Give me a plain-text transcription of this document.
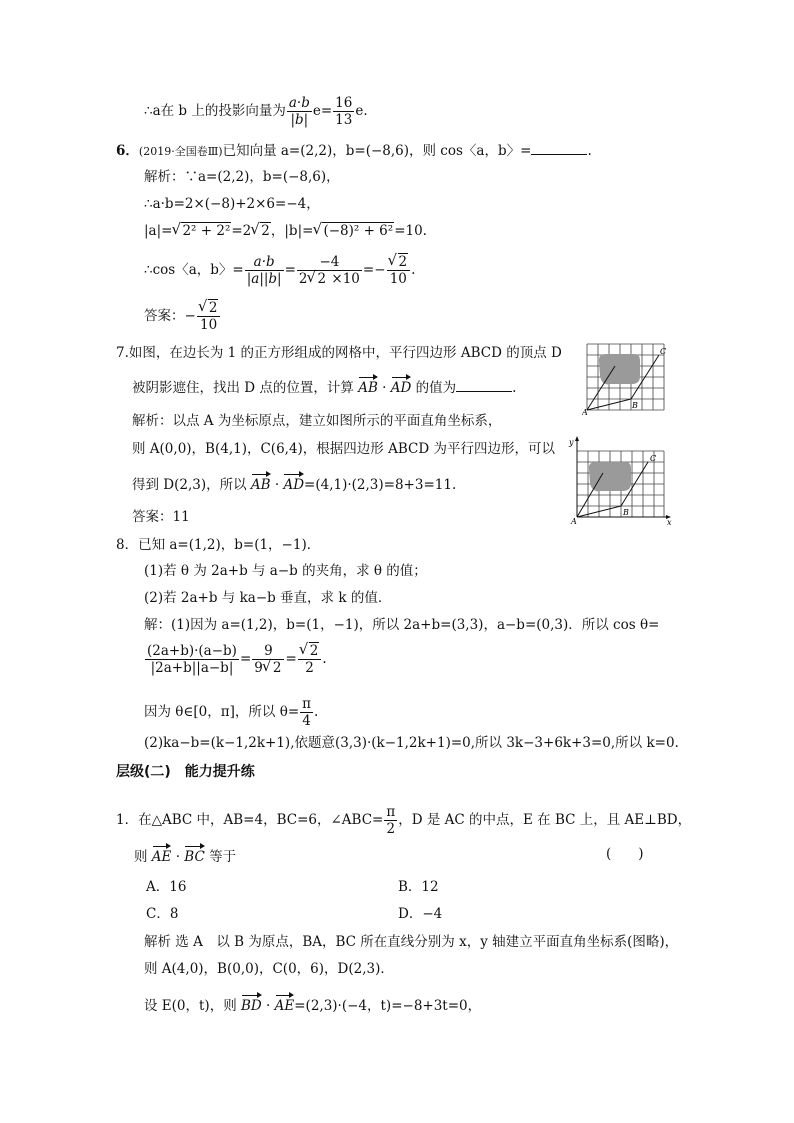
∴a在 b 上的投影向量为 $\frac{a\cdot b}{|b|} e= \frac{16}{13} e$.
6．(2019·全国卷Ⅲ)已知向量 a=(2,2)，b=(−8,6)，则 cos〈a，b〉=	.
解析：∵a=(2,2)，b=(−8,6)，
∴a·b=2×(−8)+2×6=−4，
|a|= √ 2² + 2²=2 √ 2，|b|= √ (−8)² + 6²=10.
∴cos〈a，b〉= $\frac{a\cdot b}{|a||b|} = \frac{-4}{2 √ 2 \times 10}$ =− √ $\frac{2}{10}$ .
答案：− √ $\frac{2}{10}$
7.如图，在边长为 1 的正方形组成的网格中，平行四边形 ABCD 的顶点 D
被阴影遮住，找出 D 点的位置，计算 AB · AD 的值为	.
解析：以点 A 为坐标原点，建立如图所示的平面直角坐标系，
则 A(0,0)，B(4,1)，C(6,4)，根据四边形 ABCD 为平行四边形，可以
得到 D(2,3)，所以 AB · AD=(4,1)·(2,3)=8+3=11.
答案：11
A
B
C
y
x
A
B
C
8．已知 a=(1,2)，b=(1，−1)．
(1)若 θ 为 2a+b 与 a−b 的夹角，求 θ 的值；
(2)若 2a+b 与 ka−b 垂直，求 k 的值．
解：(1)因为 a=(1,2)，b=(1，−1)，所以 2a+b=(3,3)，a−b=(0,3)．所以 cos θ=
$\frac{(2a+b)\cdot(a-b)}{|2a+b||a-b|} = \frac{9}{9 √ 2}$ = √ $\frac{2}{2}$ .
因为 θ∈[0，π]，所以 $\theta= \frac{\pi}{4}$ .
(2)ka−b=(k−1,2k+1),依题意(3,3)·(k−1,2k+1)=0,所以 3k−3+6k+3=0,所以 k=0.
层级(二)　能力提升练
1．在△ABC 中，AB=4，BC=6，∠ABC= $\frac{\pi}{2}$ ，D 是 AC 的中点，E 在 BC 上，且 AE⊥BD，
则 AE · BC 等于	(　　)
A．16	B．12
C．8	D．−4
解析 选 A　以 B 为原点，BA，BC 所在直线分别为 x，y 轴建立平面直角坐标系(图略)，
则 A(4,0)，B(0,0)，C(0，6)，D(2,3)．
设 E(0，t)，则 BD · AE=(2,3)·(−4，t)=−8+3t=0，
